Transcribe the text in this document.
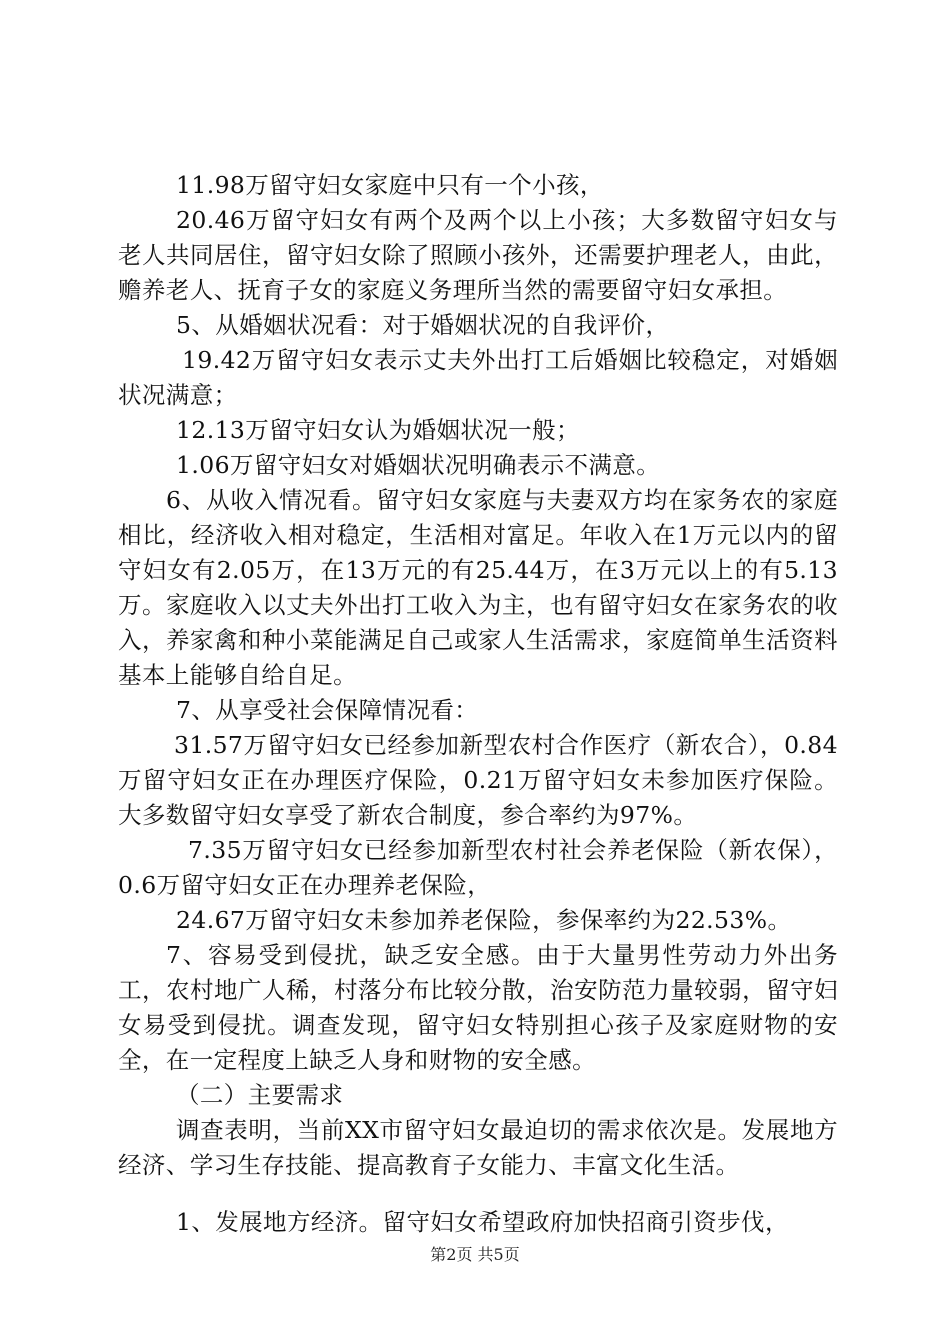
11.98万留守妇女家庭中只有一个小孩，

20.46万留守妇女有两个及两个以上小孩；大多数留守妇女与老人共同居住，留守妇女除了照顾小孩外，还需要护理老人，由此，赡养老人、抚育子女的家庭义务理所当然的需要留守妇女承担。

5、从婚姻状况看：对于婚姻状况的自我评价，

19.42万留守妇女表示丈夫外出打工后婚姻比较稳定，对婚姻状况满意；

12.13万留守妇女认为婚姻状况一般；

1.06万留守妇女对婚姻状况明确表示不满意。

6、从收入情况看。留守妇女家庭与夫妻双方均在家务农的家庭相比，经济收入相对稳定，生活相对富足。年收入在1万元以内的留守妇女有2.05万，在13万元的有25.44万，在3万元以上的有5.13万。家庭收入以丈夫外出打工收入为主，也有留守妇女在家务农的收入，养家禽和种小菜能满足自己或家人生活需求，家庭简单生活资料基本上能够自给自足。

7、从享受社会保障情况看：

31.57万留守妇女已经参加新型农村合作医疗（新农合），0.84万留守妇女正在办理医疗保险，0.21万留守妇女未参加医疗保险。大多数留守妇女享受了新农合制度，参合率约为97%。

7.35万留守妇女已经参加新型农村社会养老保险（新农保），0.6万留守妇女正在办理养老保险，

24.67万留守妇女未参加养老保险，参保率约为22.53%。

7、容易受到侵扰，缺乏安全感。由于大量男性劳动力外出务工，农村地广人稀，村落分布比较分散，治安防范力量较弱，留守妇女易受到侵扰。调查发现，留守妇女特别担心孩子及家庭财物的安全，在一定程度上缺乏人身和财物的安全感。

（二）主要需求

调查表明，当前XX市留守妇女最迫切的需求依次是。发展地方经济、学习生存技能、提高教育子女能力、丰富文化生活。

1、发展地方经济。留守妇女希望政府加快招商引资步伐，

第2页 共5页
